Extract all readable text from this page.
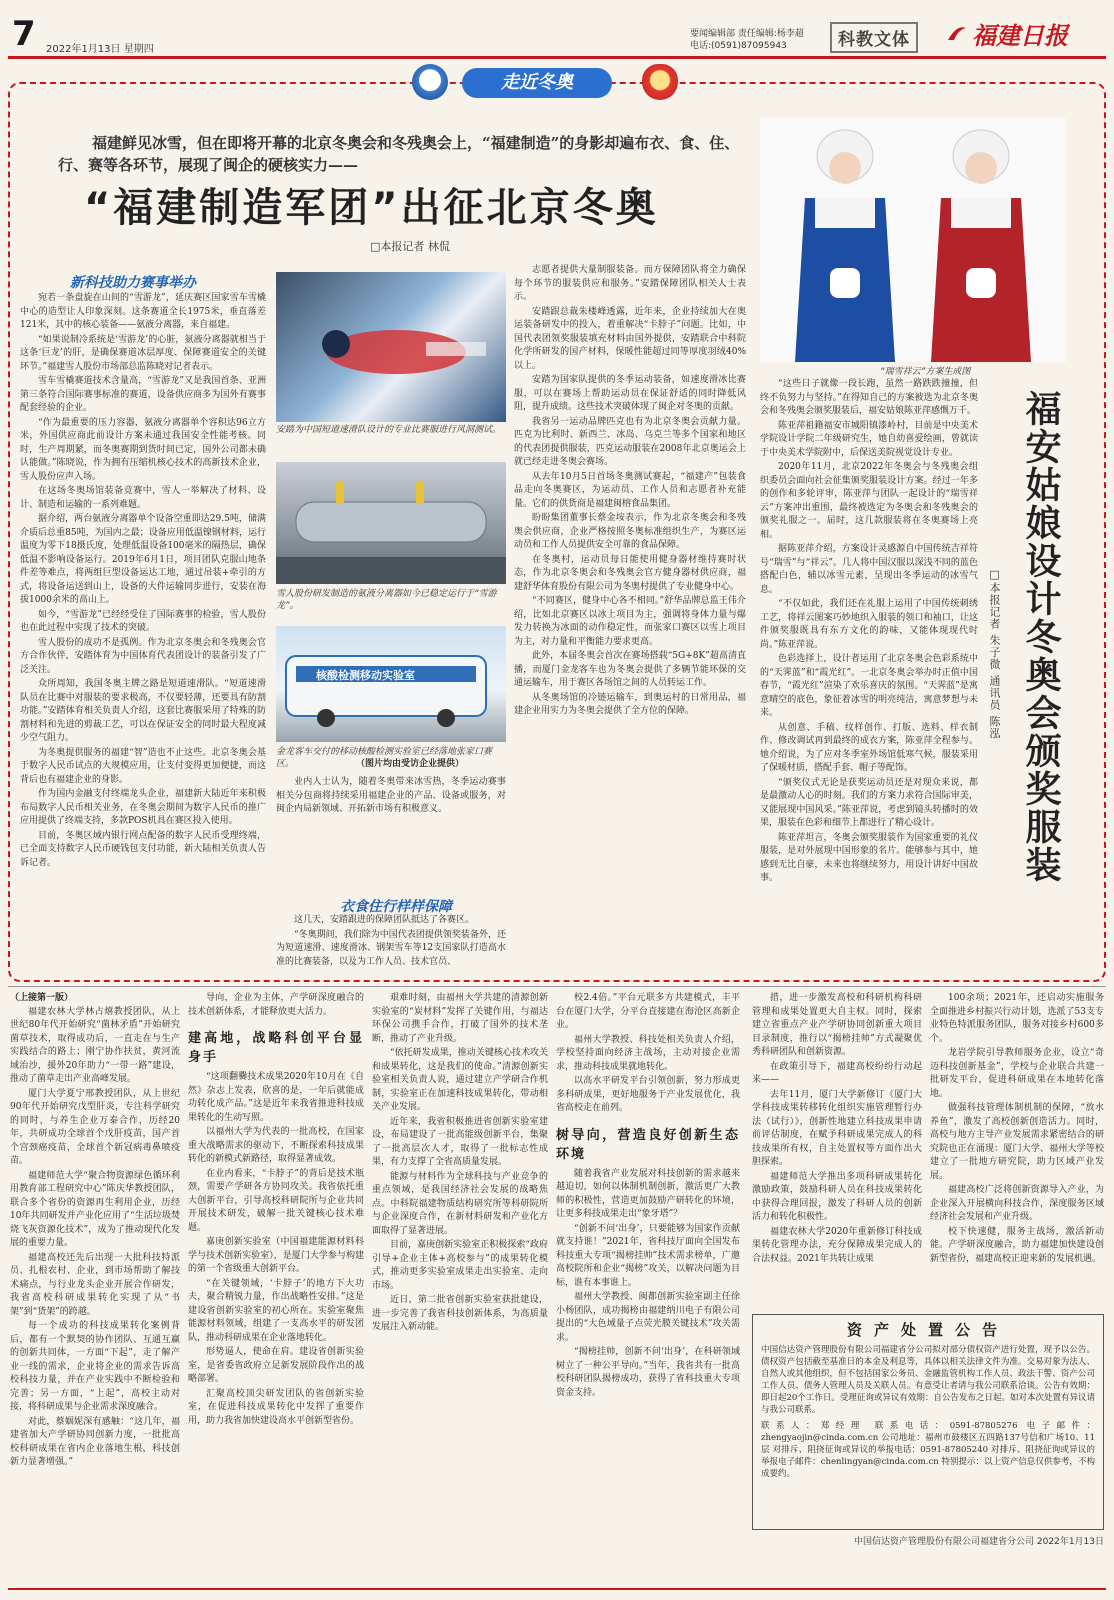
7 2022年1月13日 星期四
要闻编辑部 责任编辑:杨李超
电话:(0591)87095943	科教文体	福建日报
走近冬奥
福建鲜见冰雪，但在即将开幕的北京冬奥会和冬残奥会上，“福建制造”的身影却遍布衣、食、住、行、赛等各环节，展现了闽企的硬核实力——
“福建制造军团”出征北京冬奥
□本报记者 林侃
新科技助力赛事举办

宛若一条盘旋在山间的“雪游龙”，延庆赛区国家雪车雪橇中心的造型让人印象深刻。这条赛道全长1975米，垂直落差121米，其中的核心装备——氨液分离器，来自福建。

“如果说制冷系统是‘雪游龙’的心脏，氨液分离器就相当于这条‘巨龙’的肝，是确保赛道冰层厚度、保障赛道安全的关键环节。”福建雪人股份市场部总监陈晓对记者表示。

雪车雪橇赛道技术含量高，“雪游龙”又是我国首条、亚洲第三条符合国际赛事标准的赛道，设备供应商多为国外有赛事配套经验的企业。

“作为最重要的压力容器，氨液分离器单个容积达96立方米，外国供应商此前设计方案未通过我国安全性能考核。同时，生产周期紧，而冬奥赛期到货时间已定，国外公司都未确认能做。”陈晓说，作为拥有压缩机核心技术的高新技术企业，雪人股份应声入场。

在这场冬奥场馆装备竞赛中，雪人一举解决了材料、设计、制造和运输的一系列难题。

据介绍，两台氨液分离器单个设备空重即达29.5吨，储满介质后总重85吨，为国内之最；设备应用低温镍钢材料，运行温度为零下18摄氏度，处理低温设备100毫米的隔热层，确保低温不影响设备运行。2019年6月1日，项目团队克服山地条件差等难点，将两组巨型设备运达工地，通过吊装+牵引的方式，将设备运送到山上，设备的大件运输同步进行，安装在海拔1000余米的高山上。

如今，“雪游龙”已经经受住了国际赛事的检验，雪人股份也在此过程中实现了技术的突破。

雪人股份的成功不是孤例。作为北京冬奥会和冬残奥会官方合作伙伴，安踏体育为中国体育代表团设计的装备引发了广泛关注。

众所周知，我国冬奥主牌之路是短道速滑队。“短道速滑队员在比赛中对服装的要求极高，不仅要轻薄，还要具有防割功能。”安踏体育相关负责人介绍，这套比赛服采用了特殊的防割材料和先进的剪裁工艺，可以在保证安全的同时最大程度减少空气阻力。

为冬奥提供服务的福建“智”造也不止这些。北京冬奥会基于数字人民币试点的大规模应用，让支付变得更加便捷，而这背后也有福建企业的身影。

作为国内金融支付终端龙头企业，福建新大陆近年来积极布局数字人民币相关业务，在冬奥会期间为数字人民币的推广应用提供了终端支持，多款POS机具在赛区投入使用。

目前，冬奥区域内银行网点配备的数字人民币受理终端，已全面支持数字人民币硬钱包支付功能，新大陆相关负责人告诉记者。

安踏为中国短道速滑队设计的专业比赛服进行风洞测试。
雪人股份研发制造的氨液分离器如今已稳定运行于“雪游龙”。
核酸检测移动实验室
金龙客车交付的移动核酸检测实验室已经落地张家口赛区。	（图片均由受访企业提供）

业内人士认为，随着冬奥带来冰雪热，冬季运动赛事相关分包商将持续采用福建企业的产品、设备或服务，对闽企内局新领域、开拓新市场有积极意义。

衣食住行样样保障

这几天，安踏跟进的保障团队抵达了各赛区。

“冬奥期间，我们除为中国代表团提供领奖装备外，还为短道速滑、速度滑冰、钢架雪车等12支国家队打造高水准的比赛装备，以及为工作人员、技术官员、

志愿者提供大量制服装备。而方保障团队将全力确保每个环节的服装供应和服务。”安踏保障团队相关人士表示。

安踏跟总裁朱楼峰透露，近年来，企业持续加大在奥运装备研发中的投入，着重解决“卡脖子”问题。比如，中国代表团领奖服装填充材料由国外提供，安踏联合中科院化学所研发的国产材料，保暖性能超过同等厚度羽绒40%以上。

安踏为国家队提供的冬季运动装备，如速度滑冰比赛服，可以在赛场上帮助运动员在保证舒适的同时降低风阻，提升成绩。这些技术突破体现了闽企对冬奥的贡献。

我省另一运动品牌匹克也有为北京冬奥会贡献力量。匹克为比利时、新西兰、冰岛、乌克兰等多个国家和地区的代表团提供服装，匹克运动服装在2008年北京奥运会上就已经走进冬奥会赛场。

从去年10月5日首场冬奥测试赛起，“福建产”包装食品走向冬奥赛区，为运动员、工作人员和志愿者补充能量。它们的供货商是福建闽榕食品集团。

盼盼集团董事长蔡金垵表示，作为北京冬奥会和冬残奥会供应商，企业严格按照冬奥标准组织生产，为赛区运动员和工作人员提供安全可靠的食品保障。

在冬奥村，运动员每日能使用健身器材维持赛时状态，作为北京冬奥会和冬残奥会官方健身器材供应商，福建舒华体育股份有限公司为冬奥村提供了专业健身中心。

“不同赛区，健身中心各不相同。”舒华品牌总监王伟介绍，比如北京赛区以冰上项目为主，强调将身体力量与爆发力转换为冰面的动作稳定性，而张家口赛区以雪上项目为主，对力量和平衡能力要求更高。

此外，本届冬奥会首次在赛场搭载“5G+8K”超高清直播，而厦门金龙客车也为冬奥会提供了多辆节能环保的交通运输车，用于赛区各场馆之间的人员转运工作。

从冬奥场馆的冷链运输车，到奥运村的日常用品，福建企业用实力为冬奥会提供了全方位的保障。

“瑞雪祥云”方案生成图
福安姑娘设计冬奥会颁奖服装
□本报记者 朱子微 通讯员 陈泓

“这些日子就像一段长跑，虽然一路跌跌撞撞，但终不负努力与坚持。”在得知自己的方案被选为北京冬奥会和冬残奥会颁奖服装后，福安姑娘陈亚萍感慨万千。

陈亚萍祖籍福安市城阳镇漆岭村，目前是中央美术学院设计学院二年级研究生，她自幼喜爱绘画，曾就读于中央美术学院附中，后保送美院视觉设计专业。

2020年11月，北京2022年冬奥会与冬残奥会组织委员会面向社会征集颁奖服装设计方案。经过一年多的创作和多轮评审，陈亚萍与团队一起设计的“瑞雪祥云”方案冲出重围，最终被选定为冬奥会和冬残奥会的颁奖礼服之一。届时，这几款服装将在冬奥赛场上亮相。

据陈亚萍介绍，方案设计灵感源自中国传统吉祥符号“瑞雪”与“祥云”。几人将中国汉服以深浅不同的蓝色搭配白色，辅以冰雪元素，呈现出冬季运动的冰雪气息。

“不仅如此，我们还在礼服上运用了中国传统刺绣工艺，将祥云图案巧妙地织入服装的领口和袖口，让这件颁奖服既具有东方文化的韵味，又能体现现代时尚。”陈亚萍说。

色彩选择上，设计者运用了北京冬奥会色彩系统中的“天霁蓝”和“霞光红”。一北京冬奥会举办时正值中国春节，“霞光红”渲染了欢乐喜庆的氛围。“天霁蓝”是寓意晴空的底色，象征着冰雪的明亮纯洁，寓意梦想与未来。

从创意、手稿、纹样创作、打版、选料、样衣制作、修改调试再到最终的成衣方案，陈亚萍全程参与。她介绍说，为了应对冬季室外场馆低寒气候，服装采用了保暖材质，搭配手套、帽子等配饰。

“颁奖仪式无论是获奖运动员还是对现众来说，都是最激动人心的时刻。我们的方案力求符合国际审美，又能展现中国风采。”陈亚萍说，考虑到镜头转播时的效果，服装在色彩和细节上都进行了精心设计。

陈亚萍坦言，冬奥会颁奖服装作为国家重要的礼仪服装，是对外展现中国形象的名片。能够参与其中，她感到无比自豪，未来也将继续努力，用设计讲好中国故事。

（上接第一版）

福建农林大学林占熺教授团队，从上世纪80年代开始研究“菌林矛盾”开始研究菌草技术，取得成功后，一直走在与生产实践结合的路上；刚宁协作扶贫，黄河流域治沙，援外20年助力“一带一路”建设，推动了菌草走出产业高峰发展。

厦门大学夏宁邢教授团队，从上世纪90年代开始研究戊型肝炎，专注科学研究的同时，与养生企业万泰合作，历经20年，共研成功全球首个戊肝疫苗，国产首个宫颈癌疫苗，全球首个新冠病毒鼻喷疫苗。

福建师范大学“聚合物资源绿色循环利用教育部工程研究中心”陈庆华教授团队，联合多个省份的资源再生利用企业，历经10年共同研发并产业化应用了“生活垃圾焚烧飞灰资源化技术”，成为了推动现代化发展的重要力量。

福建高校还先后出现一大批科技特派员、扎根农村、企业，到市场帮助了解技术痛点，与行业龙头企业开展合作研发，我省高校科研成果转化实现了从“书架”到“货架”的跨越。

每一个成功的科技成果转化案例背后，都有一个默契的协作团队、互通互赢的创新共同体，一方面“下起”，走了解产业一线的需求，企业将企业的需求告诉高校科技力量，并在产业实践中不断检验和完善；另一方面，“上起”，高校主动对接，将科研成果与企业需求深度融合。

对此，蔡姻妮深有感触：“这几年，福建省加大产学研协同创新力度，一批批高校科研成果在省内企业落地生根，科技创新力显著增强。”

导向，企业为主体，产学研深度融合的技术创新体系，才能释放更大活力。

建高地，战略科创平台显身手

“这项翻爨技术成果2020年10月在《自然》杂志上发表，欣喜的是，一年后就能成功转化成产品。”这是近年来我省推进科技成果转化的生动写照。

以福州大学为代表的一批高校，在国家重大战略需求的驱动下，不断探索科技成果转化的新模式新路径，取得显著成效。

在业内看来，“卡脖子”的背后是技术瓶颈，需要产学研各方协同攻关。我省依托重大创新平台，引导高校科研院所与企业共同开展技术研发，破解一批关键核心技术难题。

嘉庚创新实验室（中国福建能源材料科学与技术创新实验室），是厦门大学参与构建的第一个省级重大创新平台。

“在关键领域，‘卡脖子’的地方下大功夫，聚合精锐力量，作出战略性安排。”这是建设省创新实验室的初心所在。实验室聚焦能源材料领域，组建了一支高水平的研发团队，推动科研成果在企业落地转化。

形势逼人，使命在肩。建设省创新实验室，是省委省政府立足新发展阶段作出的战略部署。

汇聚高校顶尖研发团队的省创新实验室，在促进科技成果转化中发挥了重要作用，助力我省加快建设高水平创新型省份。

艰难时刻，由福州大学共建的清源创新实验室的“炭材料”发挥了关键作用，与福达环保公司携手合作，打破了国外的技术垄断，推动了产业升级。

“依托研发成果，推动关键核心技术攻关和成果转化，这是我们的使命。”清源创新实验室相关负责人说，通过建立产学研合作机制，实验室正在加速科技成果转化，带动相关产业发展。

近年来，我省积极推进省创新实验室建设，布局建设了一批高能级创新平台，集聚了一批高层次人才，取得了一批标志性成果，有力支撑了全省高质量发展。

能源与材料作为全球科技与产业竞争的重点领域，是我国经济社会发展的战略焦点。中科院福建物质结构研究所等科研院所与企业深度合作，在新材料研发和产业化方面取得了显著进展。

目前，嘉庚创新实验室正积极探索“政府引导+企业主体+高校参与”的成果转化模式，推动更多实验室成果走出实验室、走向市场。

近日，第二批省创新实验室获批建设，进一步完善了我省科技创新体系，为高质量发展注入新动能。

校2.4倍。”平台元联多方共建模式，丰平台在厦门大学，分平台直接建在海沧区高新企业。

福州大学教授、科技处相关负责人介绍，学校坚持面向经济主战场，主动对接企业需求，推动科技成果就地转化。

以高水平研发平台引领创新，努力形成更多科研成果，更好地服务于产业发展优化，我省高校走在前列。

树导向，营造良好创新生态环境

随着我省产业发展对科技创新的需求越来越迫切，如何以体制机制创新，激活更广大教师的积极性，营造更加鼓励产研转化的环境，让更多科技成果走出“象牙塔”？

“创新不问‘出身’，只要能够为国家作贡献就支持谁！”2021年，省科技厅面向全国发布科技重大专项“揭榜挂帅”技术需求榜单，广邀高校院所和企业“揭榜”攻关，以解决问题为目标，谁有本事谁上。

福州大学教授、闽都创新实验室副主任徐小杨团队，成功揭榜由福建纳川电子有限公司提出的“大色域量子点荧光膜关键技术”攻关需求。

“揭榜挂帅，创新不问‘出身’，在科研领域树立了一种公平导向。”当年，我省共有一批高校科研团队揭榜成功，获得了省科技重大专项资金支持。

措，进一步激发高校和科研机构科研管理和成果处置更大自主权。同时，探索建立省重点产业产学研协同创新重大项目目录制度，推行以“揭榜挂帅”方式凝聚优秀科研团队和创新资源。

在政策引导下，福建高校纷纷行动起来——

去年11月，厦门大学新修订《厦门大学科技成果转移转化组织实施管理暂行办法（试行）》，创新性地建立科技成果申请前评估制度，在赋予科研成果完成人的科技成果所有权，自主处置权等方面作出大胆探索。

福建师范大学推出多项科研成果转化激励政策，鼓励科研人员在科技成果转化中获得合理回报，激发了科研人员的创新活力和转化积极性。

福建农林大学2020年重新修订科技成果转化管理办法，充分保障成果完成人的合法权益。2021年共转让成果

100余项；2021年，还启动实施服务全面推进乡村振兴行动计划，选派了53支专业特色特派服务团队，服务对接乡村600多个。

龙岩学院引导教师服务企业，设立“奇迈科技创新基金”，学校与企业联合共建一批研发平台，促进科研成果在本地转化落地。

做强科技管理体制机制的保障，“放水养鱼”，激发了高校创新创造活力。同时，高校与地方主导产业发展需求紧密结合的研究院也正在涌现：厦门大学、福州大学等校建立了一批地方研究院，助力区域产业发展。

福建高校广泛将创新资源导入产业，为企业深入开展横向科技合作，深度服务区域经济社会发展和产业升级。

校下快速健，服务主战场，激活新动能。产学研深度融合，助力福建加快建设创新型省份，福建高校正迎来新的发展机遇。

资产处置公告
中国信达资产管理股份有限公司福建省分公司拟对部分债权资产进行处置，现予以公告。债权资产包括截至基准日的本金及利息等，具体以相关法律文件为准。交易对象为法人、自然人或其他组织，但不包括国家公务员、金融监管机构工作人员、政法干警、资产公司工作人员、债务人管理人员及关联人员。有意受让者请与我公司联系洽谈。公告有效期：即日起20个工作日。受理征询或异议有效期：自公告发布之日起。如对本次处置有异议请与我公司联系。
联系人：郑经理 联系电话：0591-87805276 电子邮件：zhengyaojin@cinda.com.cn 公司地址：福州市鼓楼区五四路137号信和广场10、11层 对排斥、阻挠征询或异议的举报电话：0591-87805240 对排斥、阻挠征询或异议的举报电子邮件：chenlingyan@cinda.com.cn 特别提示：以上资产信息仅供参考，不构成要约。
中国信达资产管理股份有限公司福建省分公司 2022年1月13日
